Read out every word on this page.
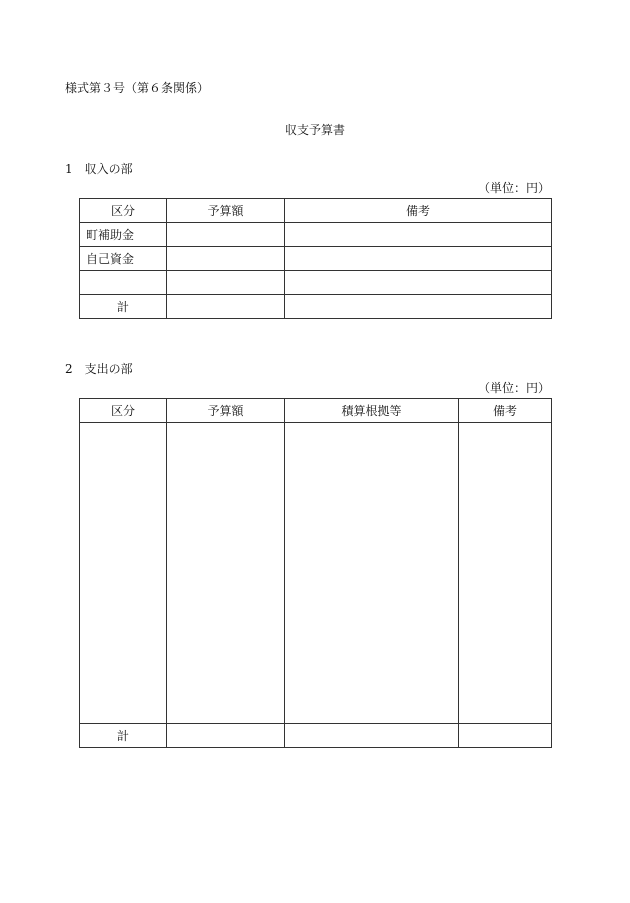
様式第３号（第６条関係）
収支予算書
1　収入の部
（単位：円）
区分	予算額	備考
町補助金		
自己資金		

計		
2　支出の部
（単位：円）
区分	予算額	積算根拠等	備考

計			
